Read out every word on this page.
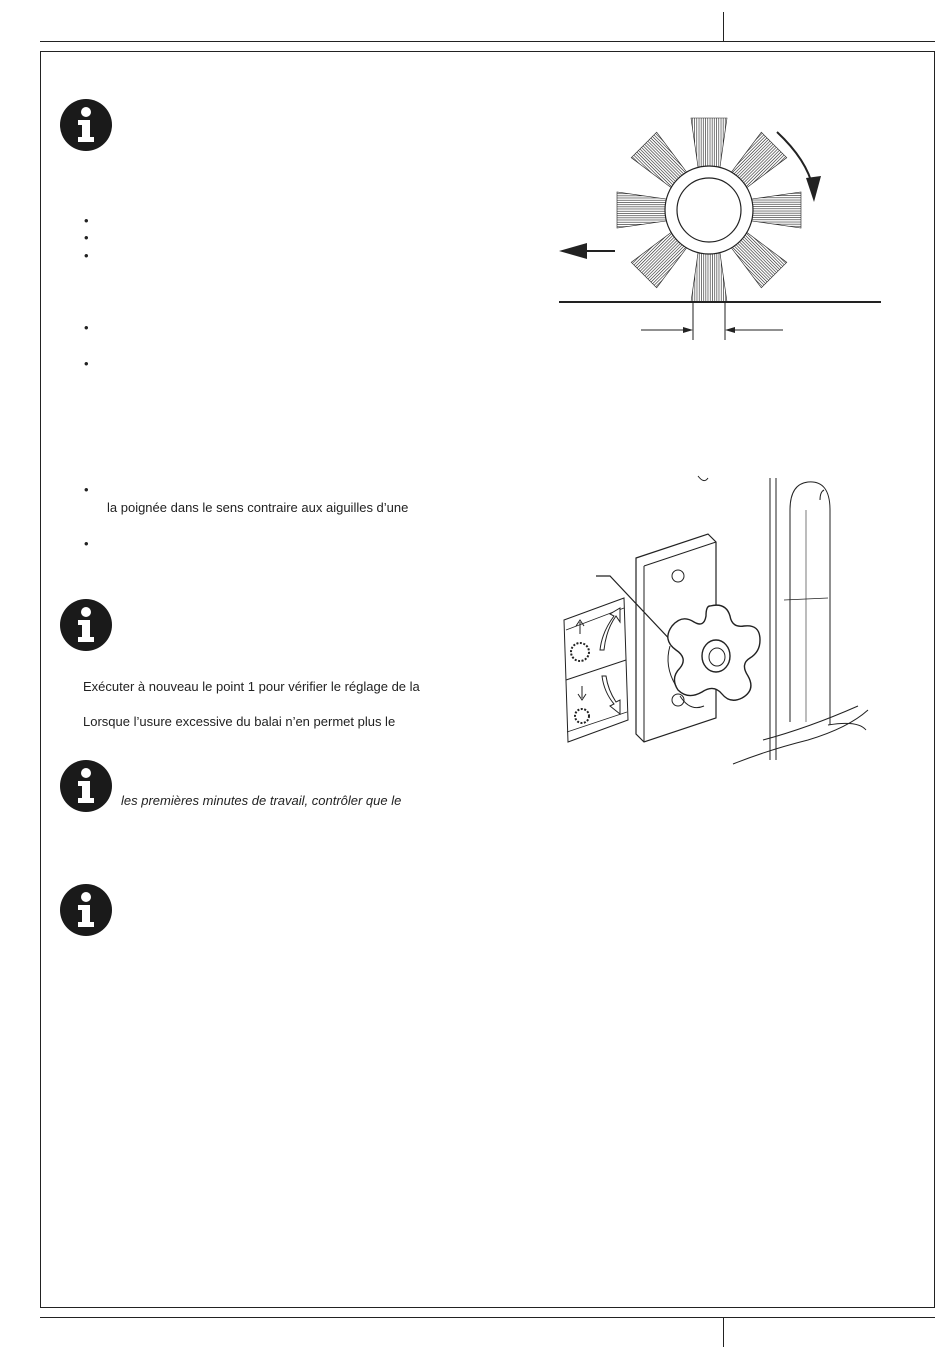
•
•
•
•
•
•
•
la poignée dans le sens contraire aux aiguilles d’une
Exécuter à nouveau le point 1 pour vérifier le réglage de la
Lorsque l’usure excessive du balai n’en permet plus le
les premières minutes de travail, contrôler que le
